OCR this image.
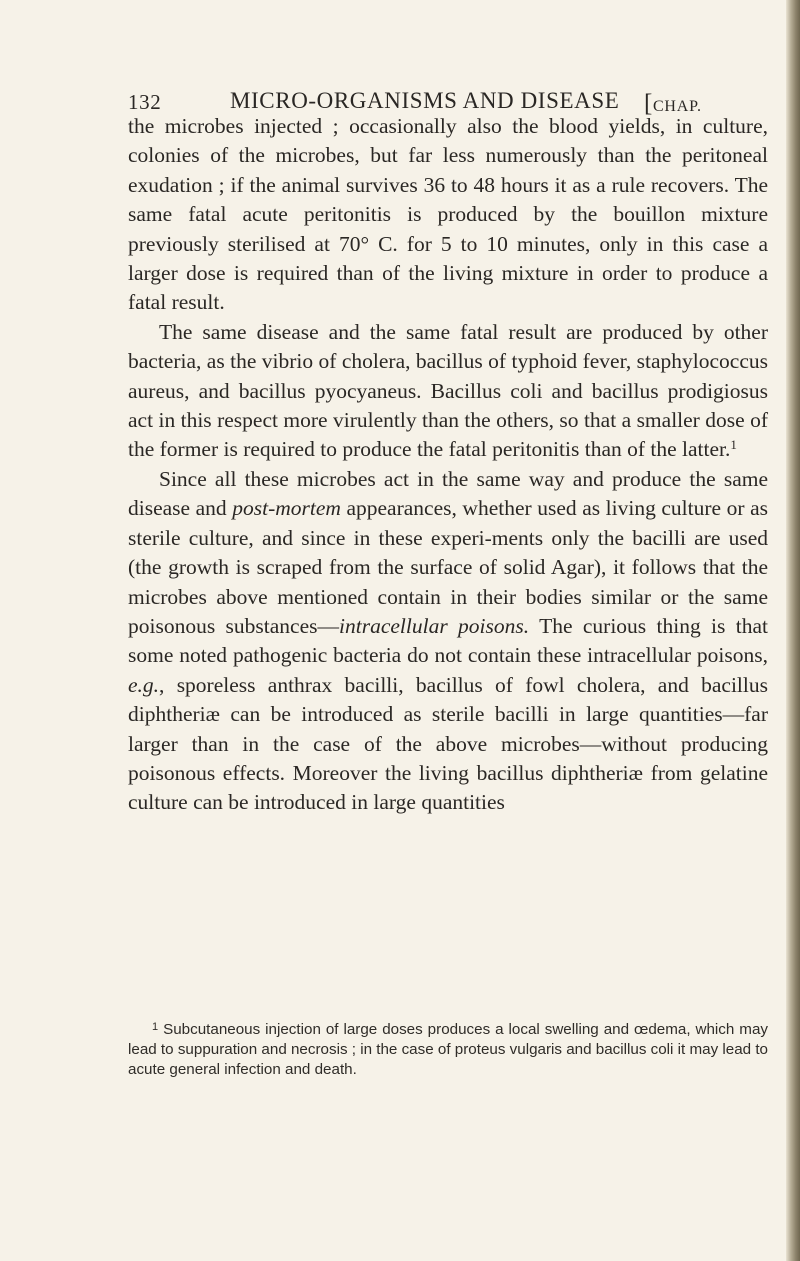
132	MICRO-ORGANISMS AND DISEASE [CHAP.

the microbes injected ; occasionally also the blood yields, in culture, colonies of the microbes, but far less numerously than the peritoneal exudation ; if the animal survives 36 to 48 hours it as a rule recovers. The same fatal acute peritonitis is produced by the bouillon mixture previously sterilised at 70° C. for 5 to 10 minutes, only in this case a larger dose is required than of the living mixture in order to produce a fatal result.

The same disease and the same fatal result are produced by other bacteria, as the vibrio of cholera, bacillus of typhoid fever, staphylococcus aureus, and bacillus pyocyaneus. Bacillus coli and bacillus prodigiosus act in this respect more virulently than the others, so that a smaller dose of the former is required to produce the fatal peritonitis than of the latter.$^1$

Since all these microbes act in the same way and produce the same disease and post-mortem appearances, whether used as living culture or as sterile culture, and since in these experi-ments only the bacilli are used (the growth is scraped from the surface of solid Agar), it follows that the microbes above mentioned contain in their bodies similar or the same poisonous substances—intracellular poisons. The curious thing is that some noted pathogenic bacteria do not contain these intracellular poisons, e.g., sporeless anthrax bacilli, bacillus of fowl cholera, and bacillus diphtheriæ can be introduced as sterile bacilli in large quantities—far larger than in the case of the above microbes—without producing poisonous effects. Moreover the living bacillus diphtheriæ from gelatine culture can be introduced in large quantities

$^1$ Subcutaneous injection of large doses produces a local swelling and œdema, which may lead to suppuration and necrosis ; in the case of proteus vulgaris and bacillus coli it may lead to acute general infection and death.
